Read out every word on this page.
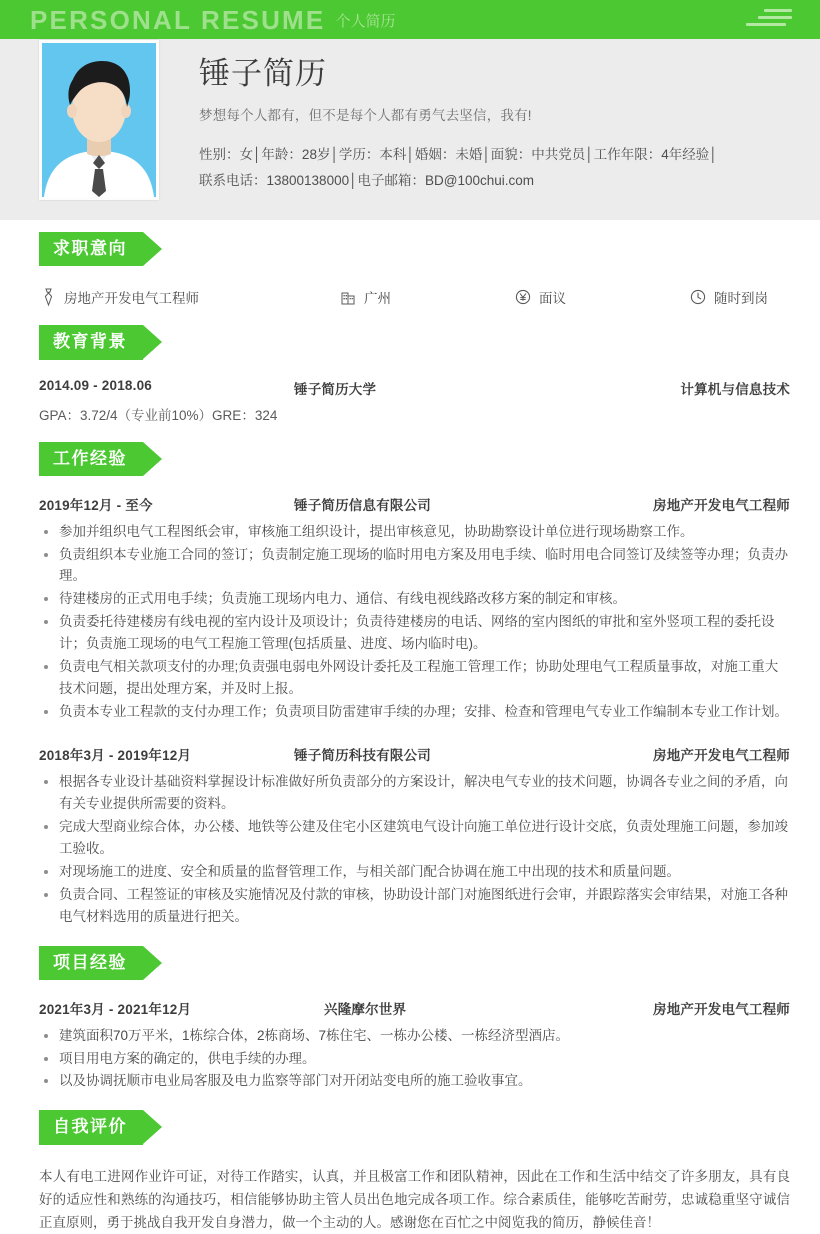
PERSONAL RESUME 个人简历
锤子简历
梦想每个人都有，但不是每个人都有勇气去坚信，我有!
性别：女│年龄：28岁│学历：本科│婚姻：未婚│面貌：中共党员│工作年限：4年经验│
联系电话：13800138000│电子邮箱：BD@100chui.com
求职意向
房地产开发电气工程师	广州	面议	随时到岗
教育背景
2014.09 - 2018.06	锤子简历大学	计算机与信息技术
GPA：3.72/4（专业前10%）GRE：324
工作经验
2019年12月 - 至今	锤子简历信息有限公司	房地产开发电气工程师
参加并组织电气工程图纸会审，审核施工组织设计，提出审核意见，协助勘察设计单位进行现场勘察工作。
负责组织本专业施工合同的签订；负责制定施工现场的临时用电方案及用电手续、临时用电合同签订及续签等办理；负责办理。
待建楼房的正式用电手续；负责施工现场内电力、通信、有线电视线路改移方案的制定和审核。
负责委托待建楼房有线电视的室内设计及项设计；负责待建楼房的电话、网络的室内图纸的审批和室外竖项工程的委托设计；负责施工现场的电气工程施工管理(包括质量、进度、场内临时电)。
负责电气相关款项支付的办理;负责强电弱电外网设计委托及工程施工管理工作；协助处理电气工程质量事故，对施工重大技术问题，提出处理方案，并及时上报。
负责本专业工程款的支付办理工作；负责项目防雷建审手续的办理；安排、检查和管理电气专业工作编制本专业工作计划。
2018年3月 - 2019年12月	锤子简历科技有限公司	房地产开发电气工程师
根据各专业设计基础资料掌握设计标准做好所负责部分的方案设计，解决电气专业的技术问题，协调各专业之间的矛盾，向有关专业提供所需要的资料。
完成大型商业综合体，办公楼、地铁等公建及住宅小区建筑电气设计向施工单位进行设计交底，负责处理施工问题，参加竣工验收。
对现场施工的进度、安全和质量的监督管理工作，与相关部门配合协调在施工中出现的技术和质量问题。
负责合同、工程签证的审核及实施情况及付款的审核，协助设计部门对施图纸进行会审，并跟踪落实会审结果，对施工各种电气材料选用的质量进行把关。
项目经验
2021年3月 - 2021年12月	兴隆摩尔世界	房地产开发电气工程师
建筑面积70万平米，1栋综合体，2栋商场、7栋住宅、一栋办公楼、一栋经济型酒店。
项目用电方案的确定的，供电手续的办理。
以及协调抚顺市电业局客服及电力监察等部门对开闭站变电所的施工验收事宜。
自我评价
本人有电工进网作业许可证，对待工作踏实，认真，并且极富工作和团队精神，因此在工作和生活中结交了许多朋友，具有良好的适应性和熟练的沟通技巧，相信能够协助主管人员出色地完成各项工作。综合素质佳，能够吃苦耐劳，忠诚稳重坚守诚信正直原则，勇于挑战自我开发自身潜力，做一个主动的人。感谢您在百忙之中阅览我的简历，静候佳音！
